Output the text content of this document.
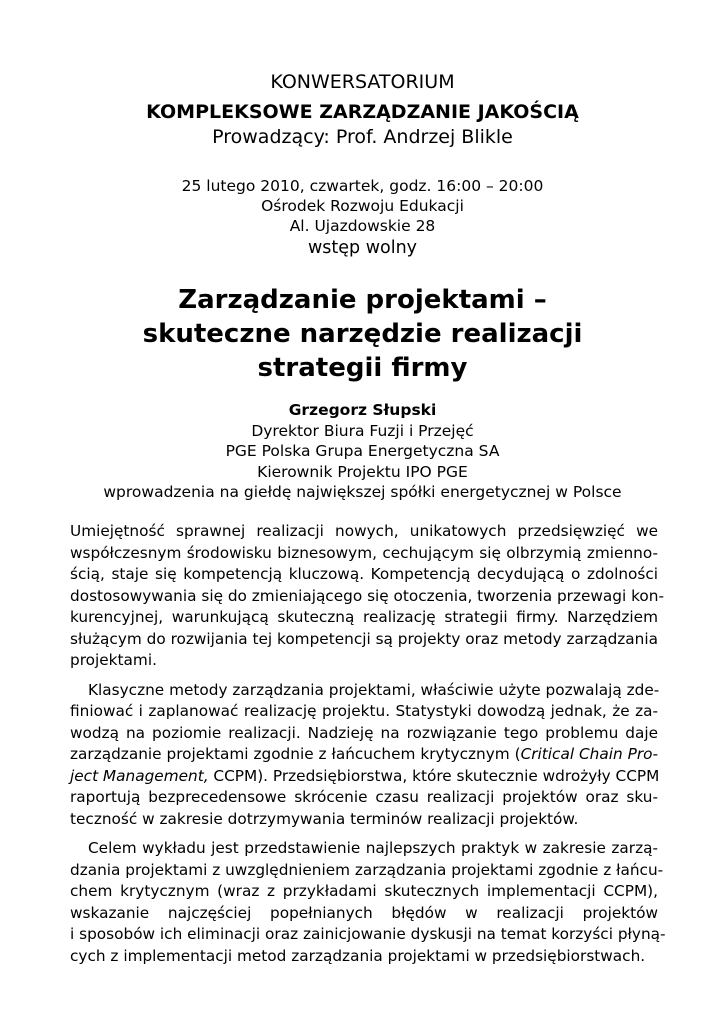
KONWERSATORIUM
KOMPLEKSOWE ZARZĄDZANIE JAKOŚCIĄ
Prowadzący: Prof. Andrzej Blikle
25 lutego 2010, czwartek, godz. 16:00 – 20:00
Ośrodek Rozwoju Edukacji
Al. Ujazdowskie 28
wstęp wolny
Zarządzanie projektami –
skuteczne narzędzie realizacji
strategii firmy
Grzegorz Słupski
Dyrektor Biura Fuzji i Przejęć
PGE Polska Grupa Energetyczna SA
Kierownik Projektu IPO PGE
wprowadzenia na giełdę największej spółki energetycznej w Polsce
Umiejętność sprawnej realizacji nowych, unikatowych przedsięwzięć we
współczesnym środowisku biznesowym, cechującym się olbrzymią zmienno-
ścią, staje się kompetencją kluczową. Kompetencją decydującą o zdolności
dostosowywania się do zmieniającego się otoczenia, tworzenia przewagi kon-
kurencyjnej, warunkującą skuteczną realizację strategii firmy. Narzędziem
służącym do rozwijania tej kompetencji są projekty oraz metody zarządzania
projektami.
Klasyczne metody zarządzania projektami, właściwie użyte pozwalają zde-
finiować i zaplanować realizację projektu. Statystyki dowodzą jednak, że za-
wodzą na poziomie realizacji. Nadzieję na rozwiązanie tego problemu daje
zarządzanie projektami zgodnie z łańcuchem krytycznym (Critical Chain Pro-
ject Management, CCPM). Przedsiębiorstwa, które skutecznie wdrożyły CCPM
raportują bezprecedensowe skrócenie czasu realizacji projektów oraz sku-
teczność w zakresie dotrzymywania terminów realizacji projektów.
Celem wykładu jest przedstawienie najlepszych praktyk w zakresie zarzą-
dzania projektami z uwzględnieniem zarządzania projektami zgodnie z łańcu-
chem krytycznym (wraz z przykładami skutecznych implementacji CCPM),
wskazanie najczęściej popełnianych błędów w realizacji projektów
i sposobów ich eliminacji oraz zainicjowanie dyskusji na temat korzyści płyną-
cych z implementacji metod zarządzania projektami w przedsiębiorstwach.
